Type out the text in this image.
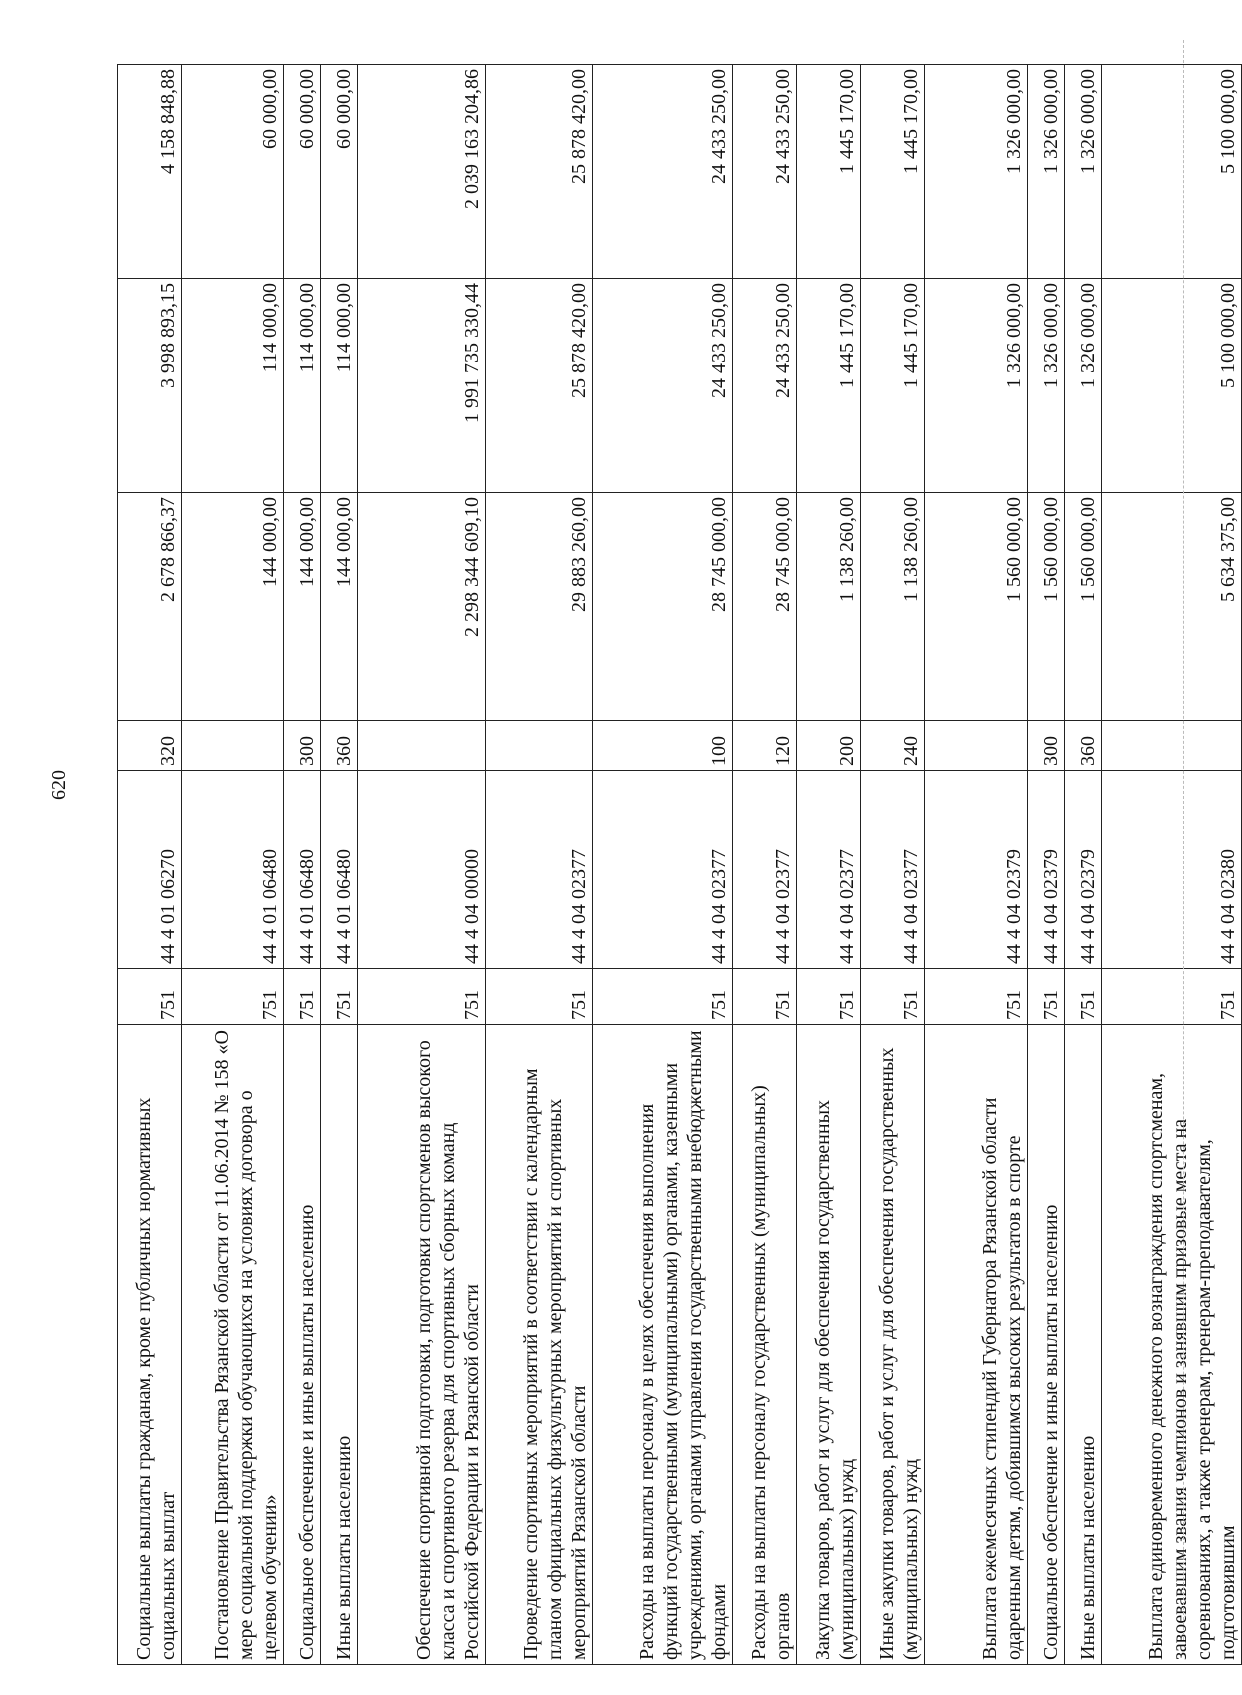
620
Социальные выплаты гражданам, кроме публичных нормативных социальных выплат	751	44 4 01 06270	320	2 678 866,37	3 998 893,15	4 158 848,88
Постановление Правительства Рязанской области от 11.06.2014 № 158 «О мере социальной поддержки обучающихся на условиях договора о целевом обучении»	751	44 4 01 06480		144 000,00	114 000,00	60 000,00
Социальное обеспечение и иные выплаты населению	751	44 4 01 06480	300	144 000,00	114 000,00	60 000,00
Иные выплаты населению	751	44 4 01 06480	360	144 000,00	114 000,00	60 000,00
Обеспечение спортивной подготовки, подготовки спортсменов высокого класса и спортивного резерва для спортивных сборных команд Российской Федерации и Рязанской области	751	44 4 04 00000		2 298 344 609,10	1 991 735 330,44	2 039 163 204,86
Проведение спортивных мероприятий в соответствии с календарным планом официальных физкультурных мероприятий и спортивных мероприятий Рязанской области	751	44 4 04 02377		29 883 260,00	25 878 420,00	25 878 420,00
Расходы на выплаты персоналу в целях обеспечения выполнения функций государственными (муниципальными) органами, казенными учреждениями, органами управления государственными внебюджетными фондами	751	44 4 04 02377	100	28 745 000,00	24 433 250,00	24 433 250,00
Расходы на выплаты персоналу государственных (муниципальных) органов	751	44 4 04 02377	120	28 745 000,00	24 433 250,00	24 433 250,00
Закупка товаров, работ и услуг для обеспечения государственных (муниципальных) нужд	751	44 4 04 02377	200	1 138 260,00	1 445 170,00	1 445 170,00
Иные закупки товаров, работ и услуг для обеспечения государственных (муниципальных) нужд	751	44 4 04 02377	240	1 138 260,00	1 445 170,00	1 445 170,00
Выплата ежемесячных стипендий Губернатора Рязанской области одаренным детям, добившимся высоких результатов в спорте	751	44 4 04 02379		1 560 000,00	1 326 000,00	1 326 000,00
Социальное обеспечение и иные выплаты населению	751	44 4 04 02379	300	1 560 000,00	1 326 000,00	1 326 000,00
Иные выплаты населению	751	44 4 04 02379	360	1 560 000,00	1 326 000,00	1 326 000,00
Выплата единовременного денежного вознаграждения спортсменам, завоевавшим звания чемпионов и занявшим призовые места на соревнованиях, а также тренерам, тренерам-преподавателям, подготовившим	751	44 4 04 02380		5 634 375,00	5 100 000,00	5 100 000,00
